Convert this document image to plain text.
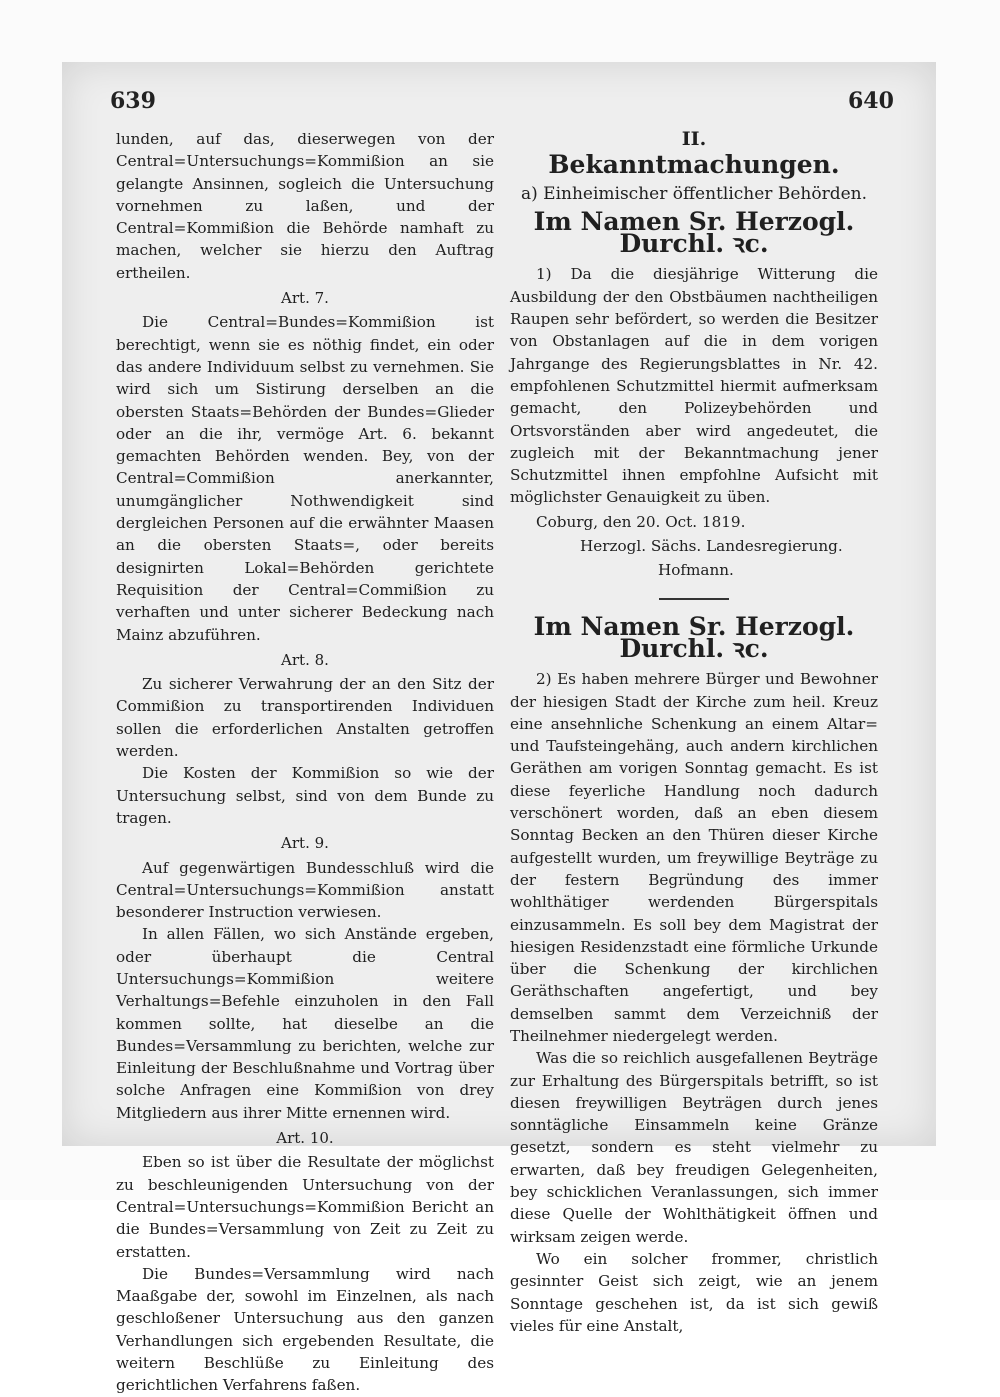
639	640

lunden, auf das, dieserwegen von der Central=Untersuchungs=Kommißion an sie gelangte Ansinnen, sogleich die Untersuchung vornehmen zu laßen, und der Central=Kommißion die Behörde namhaft zu machen, welcher sie hierzu den Auftrag ertheilen.

Art. 7.

Die Central=Bundes=Kommißion ist berechtigt, wenn sie es nöthig findet, ein oder das andere Individuum selbst zu vernehmen. Sie wird sich um Sistirung derselben an die obersten Staats=Behörden der Bundes=Glieder oder an die ihr, vermöge Art. 6. bekannt gemachten Behörden wenden. Bey, von der Central=Commißion anerkannter, unumgänglicher Nothwendigkeit sind dergleichen Personen auf die erwähnter Maasen an die obersten Staats=, oder bereits designirten Lokal=Behörden gerichtete Requisition der Central=Commißion zu verhaften und unter sicherer Bedeckung nach Mainz abzuführen.

Art. 8.

Zu sicherer Verwahrung der an den Sitz der Commißion zu transportirenden Individuen sollen die erforderlichen Anstalten getroffen werden.

Die Kosten der Kommißion so wie der Untersuchung selbst, sind von dem Bunde zu tragen.

Art. 9.

Auf gegenwärtigen Bundesschluß wird die Central=Untersuchungs=Kommißion anstatt besonderer Instruction verwiesen.

In allen Fällen, wo sich Anstände ergeben, oder überhaupt die Central Untersuchungs=Kommißion weitere Verhaltungs=Befehle einzuholen in den Fall kommen sollte, hat dieselbe an die Bundes=Versammlung zu berichten, welche zur Einleitung der Beschlußnahme und Vortrag über solche Anfragen eine Kommißion von drey Mitgliedern aus ihrer Mitte ernennen wird.

Art. 10.

Eben so ist über die Resultate der möglichst zu beschleunigenden Untersuchung von der Central=Untersuchungs=Kommißion Bericht an die Bundes=Versammlung von Zeit zu Zeit zu erstatten.

Die Bundes=Versammlung wird nach Maaßgabe der, sowohl im Einzelnen, als nach geschloßener Untersuchung aus den ganzen Verhandlungen sich ergebenden Resultate, die weitern Beschlüße zu Einleitung des gerichtlichen Verfahrens faßen.

II.
Bekanntmachungen.
a) Einheimischer öffentlicher Behörden.
Im Namen Sr. Herzogl. Durchl. ꝛc.

1) Da die diesjährige Witterung die Ausbildung der den Obstbäumen nachtheiligen Raupen sehr befördert, so werden die Besitzer von Obstanlagen auf die in dem vorigen Jahrgange des Regierungsblattes in Nr. 42. empfohlenen Schutzmittel hiermit aufmerksam gemacht, den Polizeybehörden und Ortsvorständen aber wird angedeutet, die zugleich mit der Bekanntmachung jener Schutzmittel ihnen empfohlne Aufsicht mit möglichster Genauigkeit zu üben.

Coburg, den 20. Oct. 1819.
Herzogl. Sächs. Landesregierung.
Hofmann.
Im Namen Sr. Herzogl. Durchl. ꝛc.

2) Es haben mehrere Bürger und Bewohner der hiesigen Stadt der Kirche zum heil. Kreuz eine ansehnliche Schenkung an einem Altar= und Taufsteingehäng, auch andern kirchlichen Geräthen am vorigen Sonntag gemacht. Es ist diese feyerliche Handlung noch dadurch verschönert worden, daß an eben diesem Sonntag Becken an den Thüren dieser Kirche aufgestellt wurden, um freywillige Beyträge zu der festern Begründung des immer wohlthätiger werdenden Bürgerspitals einzusammeln. Es soll bey dem Magistrat der hiesigen Residenzstadt eine förmliche Urkunde über die Schenkung der kirchlichen Geräthschaften angefertigt, und bey demselben sammt dem Verzeichniß der Theilnehmer niedergelegt werden.

Was die so reichlich ausgefallenen Beyträge zur Erhaltung des Bürgerspitals betrifft, so ist diesen freywilligen Beyträgen durch jenes sonntägliche Einsammeln keine Gränze gesetzt, sondern es steht vielmehr zu erwarten, daß bey freudigen Gelegenheiten, bey schicklichen Veranlassungen, sich immer diese Quelle der Wohlthätigkeit öffnen und wirksam zeigen werde.

Wo ein solcher frommer, christlich gesinnter Geist sich zeigt, wie an jenem Sonntage geschehen ist, da ist sich gewiß vieles für eine Anstalt,
